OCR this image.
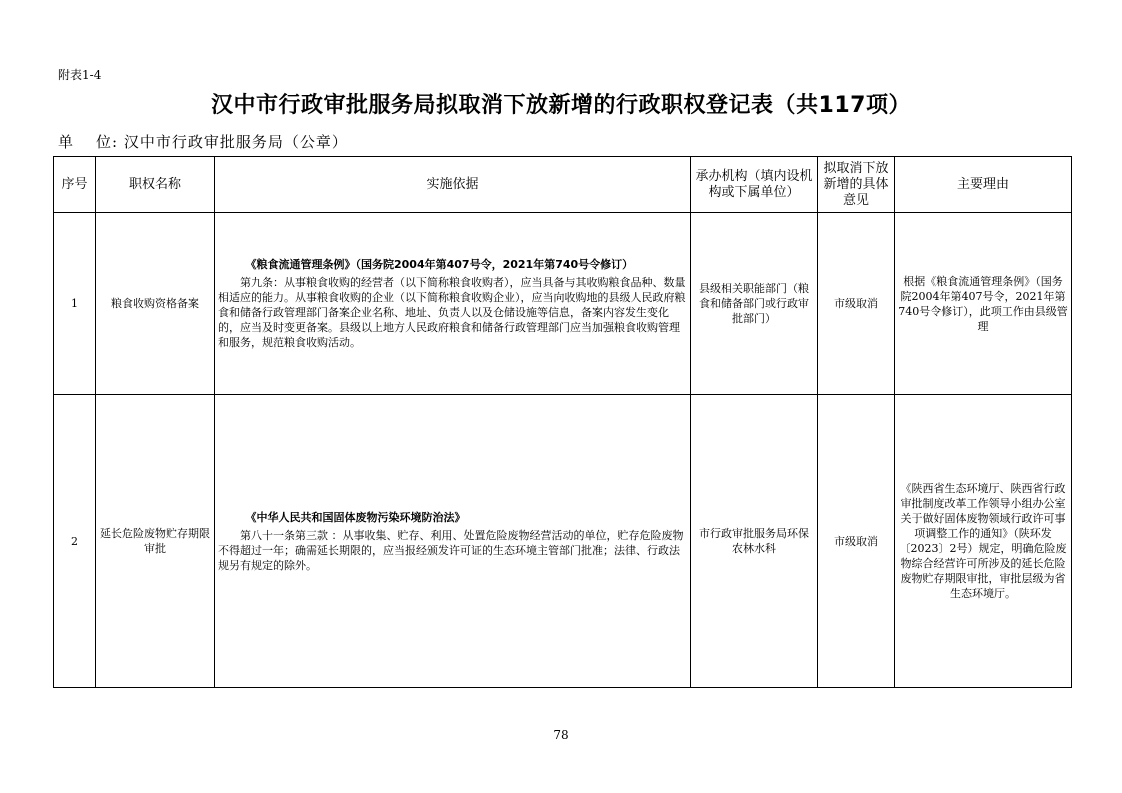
附表1-4
汉中市行政审批服务局拟取消下放新增的行政职权登记表（共117项）
单 位: 汉中市行政审批服务局（公章）
序号	职权名称	实施依据	承办机构（填内设机构或下属单位）	拟取消下放新增的具体意见	主要理由
1	粮食收购资格备案	《粮食流通管理条例》（国务院2004年第407号令，2021年第740号令修订）

第九条：从事粮食收购的经营者（以下简称粮食收购者），应当具备与其收购粮食品种、数量相适应的能力。从事粮食收购的企业（以下简称粮食收购企业），应当向收购地的县级人民政府粮食和储备行政管理部门备案企业名称、地址、负责人以及仓储设施等信息，备案内容发生变化的，应当及时变更备案。县级以上地方人民政府粮食和储备行政管理部门应当加强粮食收购管理和服务，规范粮食收购活动。	县级相关职能部门（粮食和储备部门或行政审批部门）	市级取消	根据《粮食流通管理条例》（国务院2004年第407号令，2021年第740号令修订），此项工作由县级管理
2	延长危险废物贮存期限审批	《中华人民共和国固体废物污染环境防治法》

第八十一条第三款 ：从事收集、贮存、利用、处置危险废物经营活动的单位，贮存危险废物不得超过一年；确需延长期限的，应当报经颁发许可证的生态环境主管部门批准；法律、行政法规另有规定的除外。	市行政审批服务局环保农林水科	市级取消	《陕西省生态环境厅、陕西省行政审批制度改革工作领导小组办公室关于做好固体废物领域行政许可事项调整工作的通知》（陕环发〔2023〕2号）规定，明确危险废物综合经营许可所涉及的延长危险废物贮存期限审批，审批层级为省生态环境厅。
78
